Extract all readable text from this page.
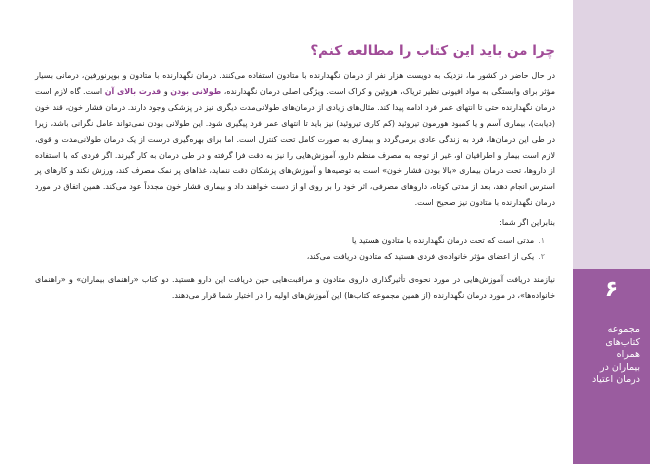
۶
مجموعه کتاب‌های همراه بیماران در درمان اعتیاد
چرا من باید این کتاب را مطالعه کنم؟

در حال حاضر در کشور ما، نزدیک به دویست هزار نفر از درمان نگهدارنده با متادون استفاده می‌کنند. درمان نگهدارنده با متادون و بوپرنورفین، درمانی بسیار مؤثر برای وابستگی به مواد افیونی نظیر تریاک، هروئین و کراک است. ویژگی اصلی درمان نگهدارنده، طولانی بودن و قدرت بالای آن است. گاه لازم است درمان نگهدارنده حتی تا انتهای عمر فرد ادامه پیدا کند. مثال‌های زیادی از درمان‌های طولانی‌مدت دیگری نیز در پزشکی وجود دارند. درمان فشار خون، قند خون (دیابت)، بیماری آسم و یا کمبود هورمون تیروئید (کم کاری تیروئید) نیز باید تا انتهای عمر فرد پیگیری شود. این طولانی بودن نمی‌تواند عامل نگرانی باشد، زیرا در طی این درمان‌ها، فرد به زندگی عادی برمی‌گردد و بیماری به صورت کامل تحت کنترل است. اما برای بهره‌گیری درست از یک درمان طولانی‌مدت و قوی، لازم است بیمار و اطرافیان او، غیر از توجه به مصرف منظم دارو، آموزش‌هایی را نیز به دقت فرا گرفته و در طی درمان به کار گیرند. اگر فردی که با استفاده از داروها، تحت درمان بیماری «بالا بودن فشار خون» است به توصیه‌ها و آموزش‌های پزشکان دقت ننماید، غذاهای پر نمک مصرف کند، ورزش نکند و کارهای پر استرس انجام دهد، بعد از مدتی کوتاه، داروهای مصرفی، اثر خود را بر روی او از دست خواهند داد و بیماری فشار خون مجدداً عود می‌کند. همین اتفاق در مورد درمان نگهدارنده با متادون نیز صحیح است.

بنابراین اگر شما:

۱.مدتی است که تحت درمان نگهدارنده با متادون هستید یا
۲.یکی از اعضای مؤثر خانواده‌ی فردی هستید که متادون دریافت می‌کند،

نیازمند دریافت آموزش‌هایی در مورد نحوه‌ی تأثیرگذاری داروی متادون و مراقبت‌هایی حین دریافت این دارو هستید. دو کتاب «راهنمای بیماران» و «راهنمای خانواده‌ها»، در مورد درمان نگهدارنده (از همین مجموعه کتاب‌ها) این آموزش‌های اولیه را در اختیار شما قرار می‌دهند.
